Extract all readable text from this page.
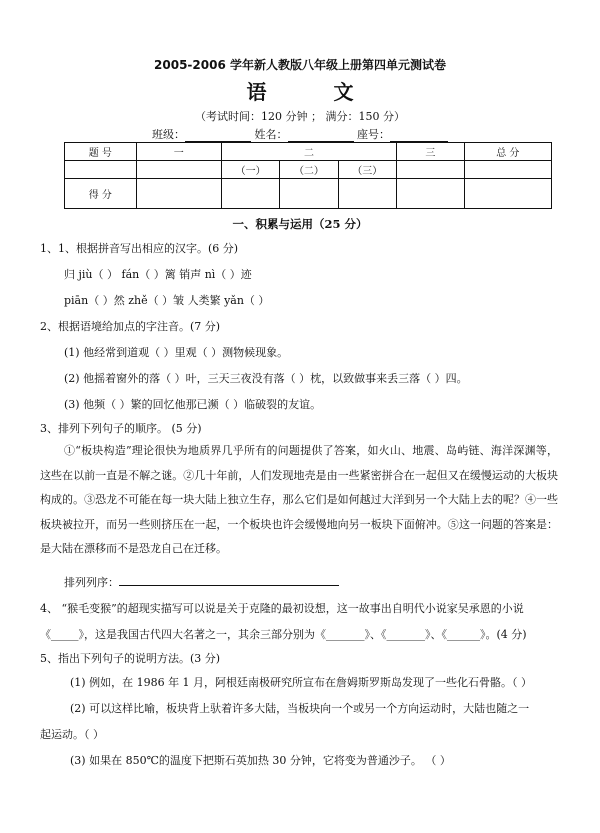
2005-2006 学年新人教版八年级上册第四单元测试卷
语 文
（考试时间：120 分钟 ； 满分：150 分）
班级：	姓名：	座号：
题 号	一	二			三	总 分
		（一）	（二）	（三）		
得 分						
一、积累与运用（25 分）
1、1、根据拼音写出相应的汉字。(6 分)
归 jiù（ ） fán（ ）篱 销声 nì（ ）迹
piān（ ）然 zhě（ ）皱 人类繁 yǎn（ ）
2、根据语境给加点的字注音。(7 分)
(1) 他经常到道观（ ）里观（ ）测物候现象。
(2) 他摇着窗外的落（ ）叶，三天三夜没有落（ ）枕，以致做事来丢三落（ ）四。
(3) 他频（ ）繁的回忆他那已濒（ ）临破裂的友谊。
3、排列下列句子的顺序。 (5 分)
①“板块构造”理论很快为地质界几乎所有的问题提供了答案，如火山、地震、岛屿链、海洋深渊等，这些在以前一直是不解之谜。②几十年前，人们发现地壳是由一些紧密拼合在一起但又在缓慢运动的大板块构成的。③恐龙不可能在每一块大陆上独立生存，那么它们是如何越过大洋到另一个大陆上去的呢？④一些板块被拉开，而另一些则挤压在一起，一个板块也许会缓慢地向另一板块下面俯冲。⑤这一问题的答案是：是大陆在漂移而不是恐龙自己在迁移。
排列列序：
4、 “猴毛变猴”的超现实描写可以说是关于克隆的最初设想，这一故事出自明代小说家吴承恩的小说
《_____》，这是我国古代四大名著之一，其余三部分别为《_______》、《_______》、《______》。(4 分)
5、指出下列句子的说明方法。(3 分)
(1) 例如，在 1986 年 1 月，阿根廷南极研究所宣布在詹姆斯罗斯岛发现了一些化石骨骼。（ ）
(2) 可以这样比喻，板块背上驮着许多大陆，当板块向一个或另一个方向运动时，大陆也随之一
起运动。（ ）
(3) 如果在 850℃的温度下把斯石英加热 30 分钟，它将变为普通沙子。 （ ）
